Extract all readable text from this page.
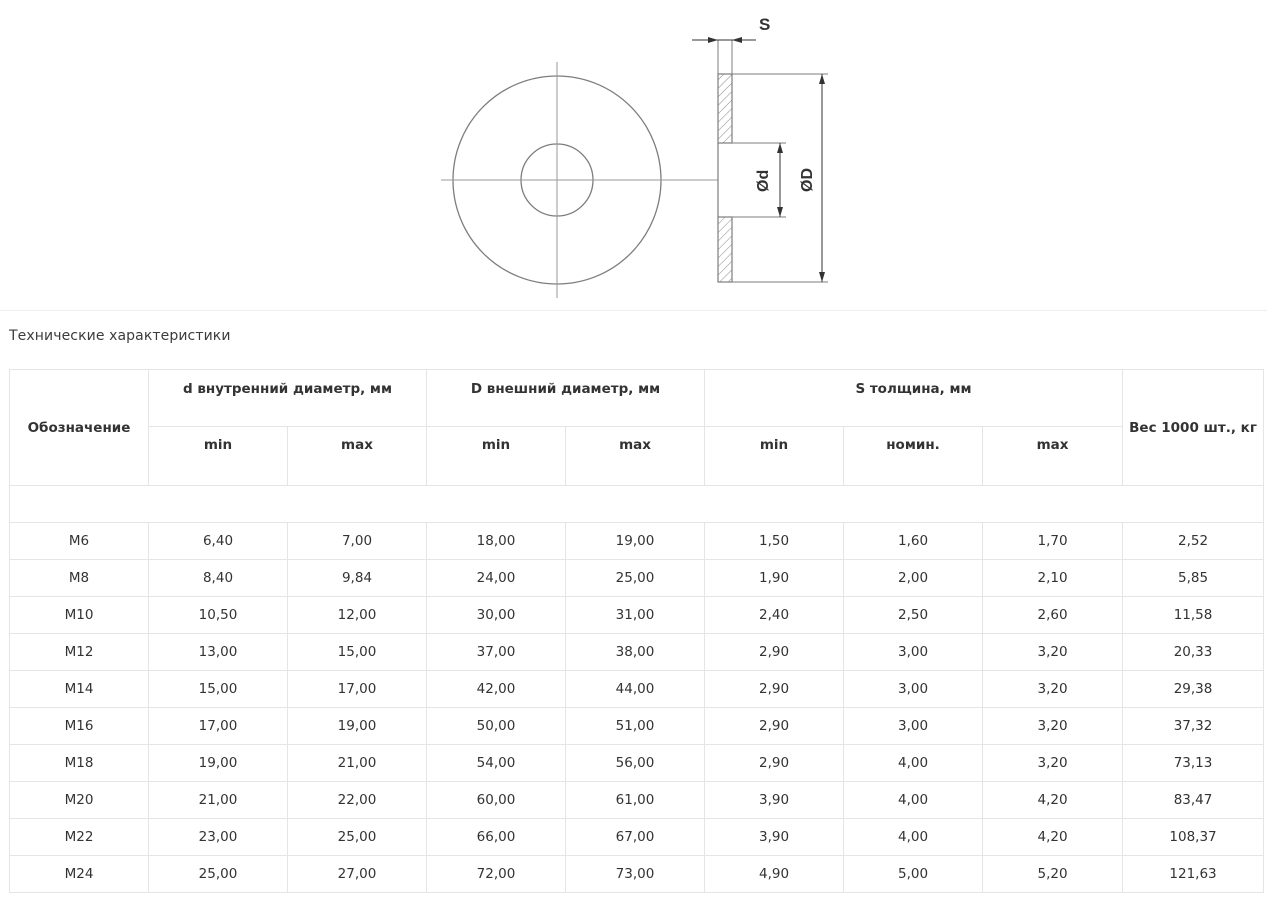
S
Ød ØD
Технические характеристики
Обозначение	d внутренний диаметр, мм		D внешний диаметр, мм		S толщина, мм			Вес 1000 шт., кг
	min	max	min	max	min	номин.	max	

M6	6,40	7,00	18,00	19,00	1,50	1,60	1,70	2,52
M8	8,40	9,84	24,00	25,00	1,90	2,00	2,10	5,85
M10	10,50	12,00	30,00	31,00	2,40	2,50	2,60	11,58
M12	13,00	15,00	37,00	38,00	2,90	3,00	3,20	20,33
M14	15,00	17,00	42,00	44,00	2,90	3,00	3,20	29,38
M16	17,00	19,00	50,00	51,00	2,90	3,00	3,20	37,32
M18	19,00	21,00	54,00	56,00	2,90	4,00	3,20	73,13
M20	21,00	22,00	60,00	61,00	3,90	4,00	4,20	83,47
M22	23,00	25,00	66,00	67,00	3,90	4,00	4,20	108,37
M24	25,00	27,00	72,00	73,00	4,90	5,00	5,20	121,63
